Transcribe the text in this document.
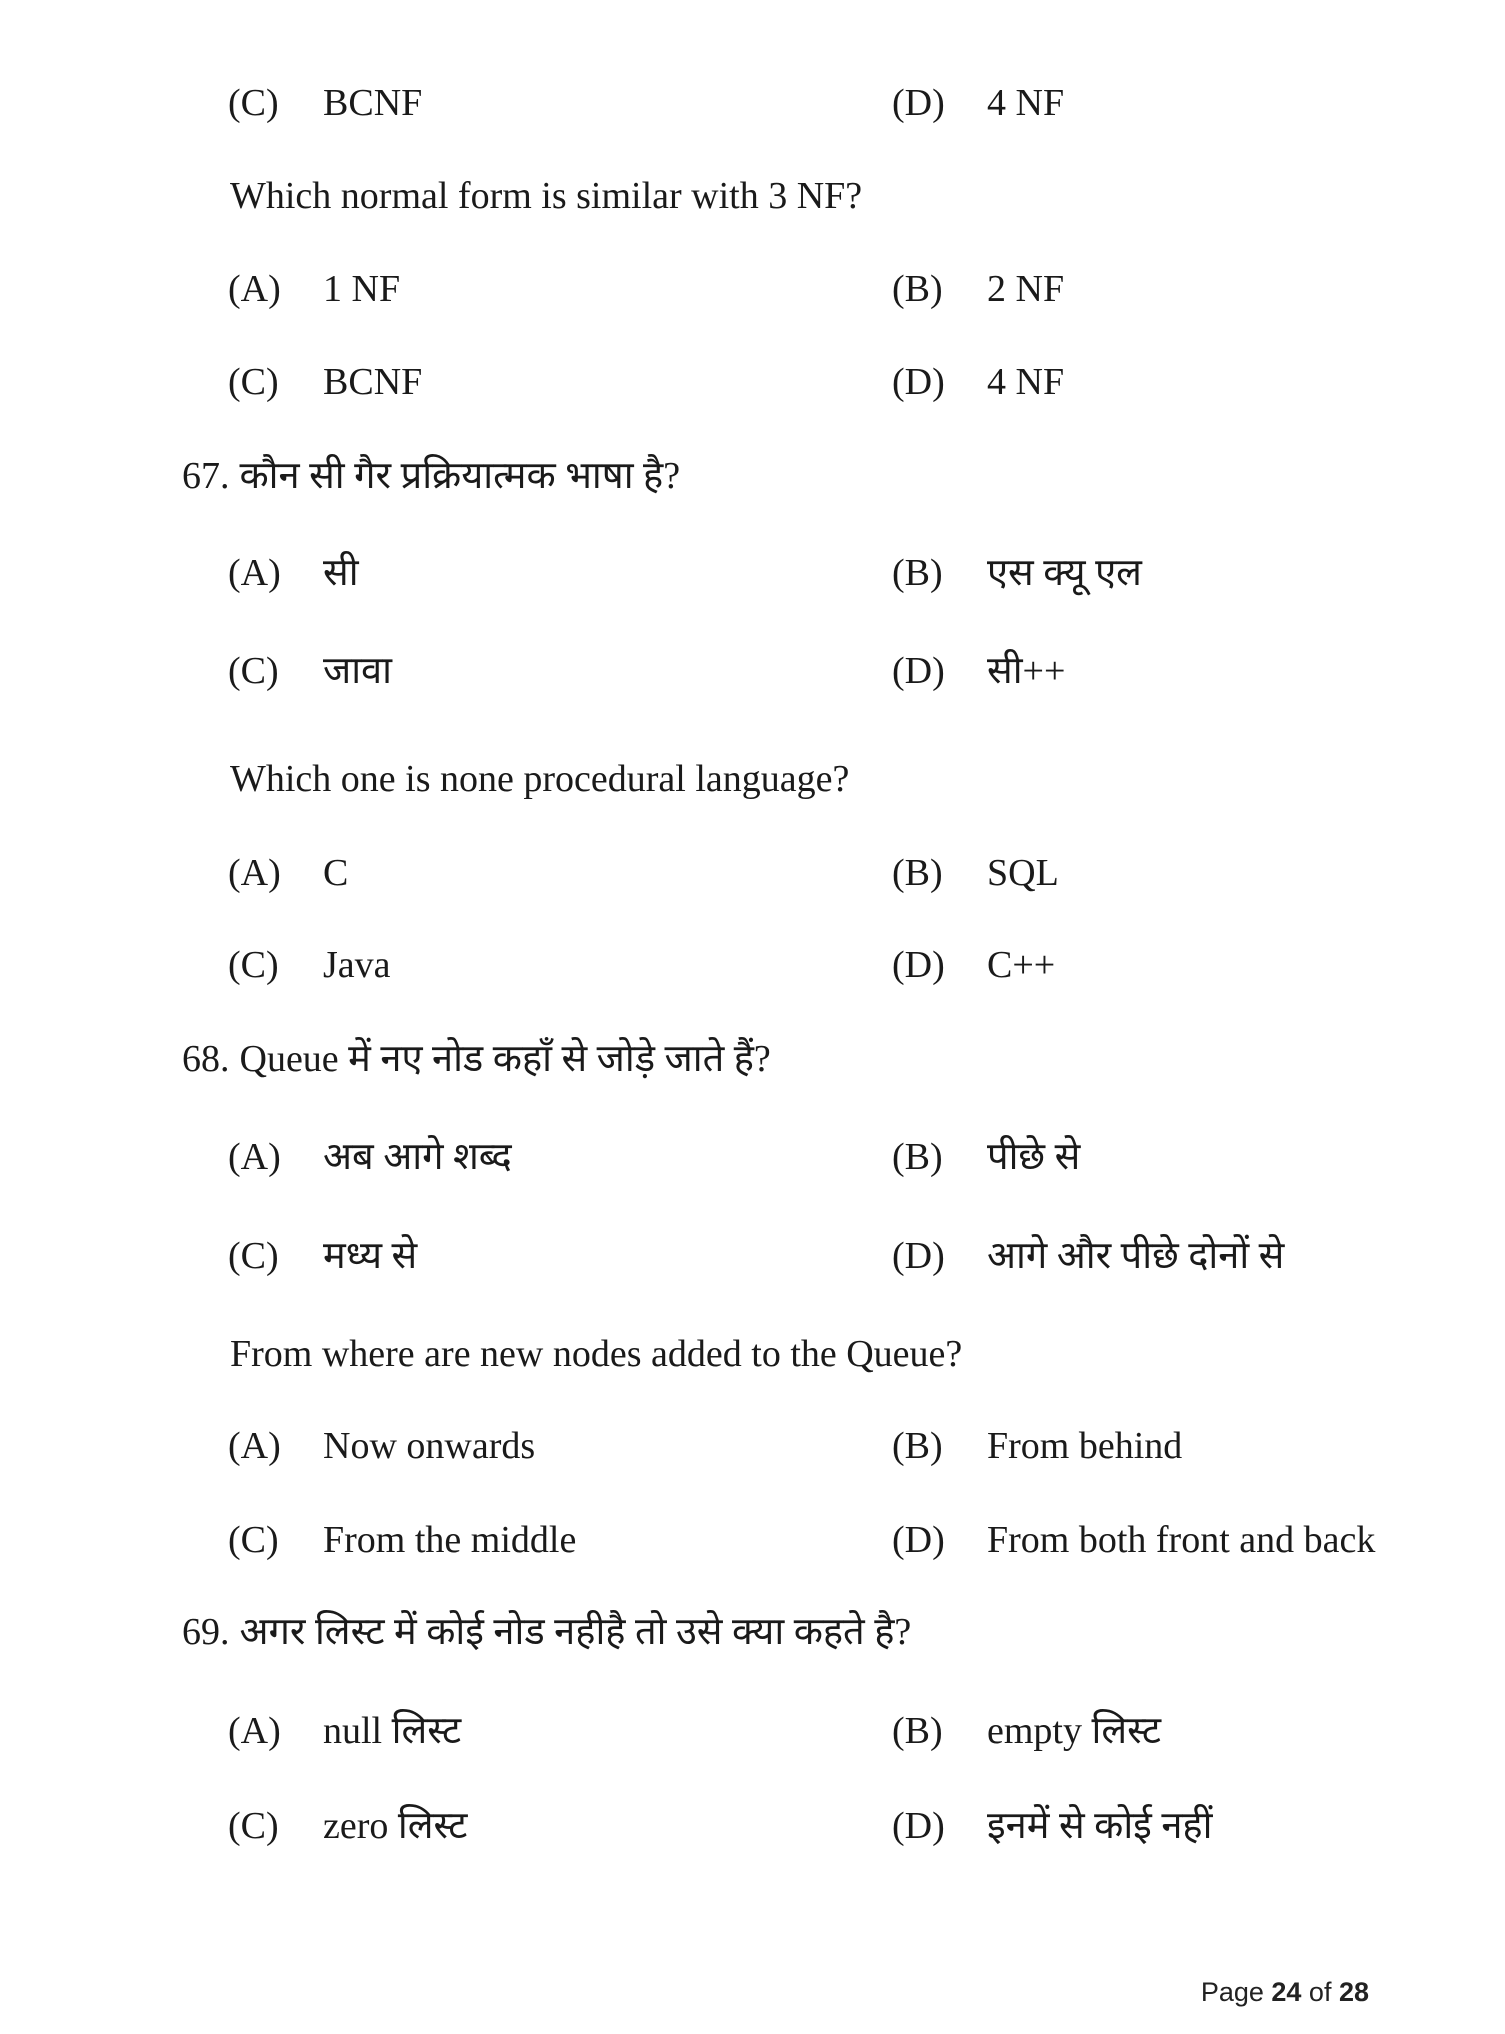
(C) BCNF	(D) 4 NF
Which normal form is similar with 3 NF?
(A) 1 NF	(B) 2 NF
(C) BCNF	(D) 4 NF
67. कौन सी गैर प्रक्रियात्मक भाषा है?
(A) सी	(B) एस क्यू एल
(C) जावा	(D) सी++
Which one is none procedural language?
(A) C	(B) SQL
(C) Java	(D) C++
68. Queue में नए नोड कहाँ से जोड़े जाते हैं?
(A) अब आगे शब्द	(B) पीछे से
(C) मध्य से	(D) आगे और पीछे दोनों से
From where are new nodes added to the Queue?
(A) Now onwards	(B) From behind
(C) From the middle	(D) From both front and back
69. अगर लिस्ट में कोई नोड नहीहै तो उसे क्या कहते है?
(A) null लिस्ट	(B) empty लिस्ट
(C) zero लिस्ट	(D) इनमें से कोई नहीं
Page 24 of 28
